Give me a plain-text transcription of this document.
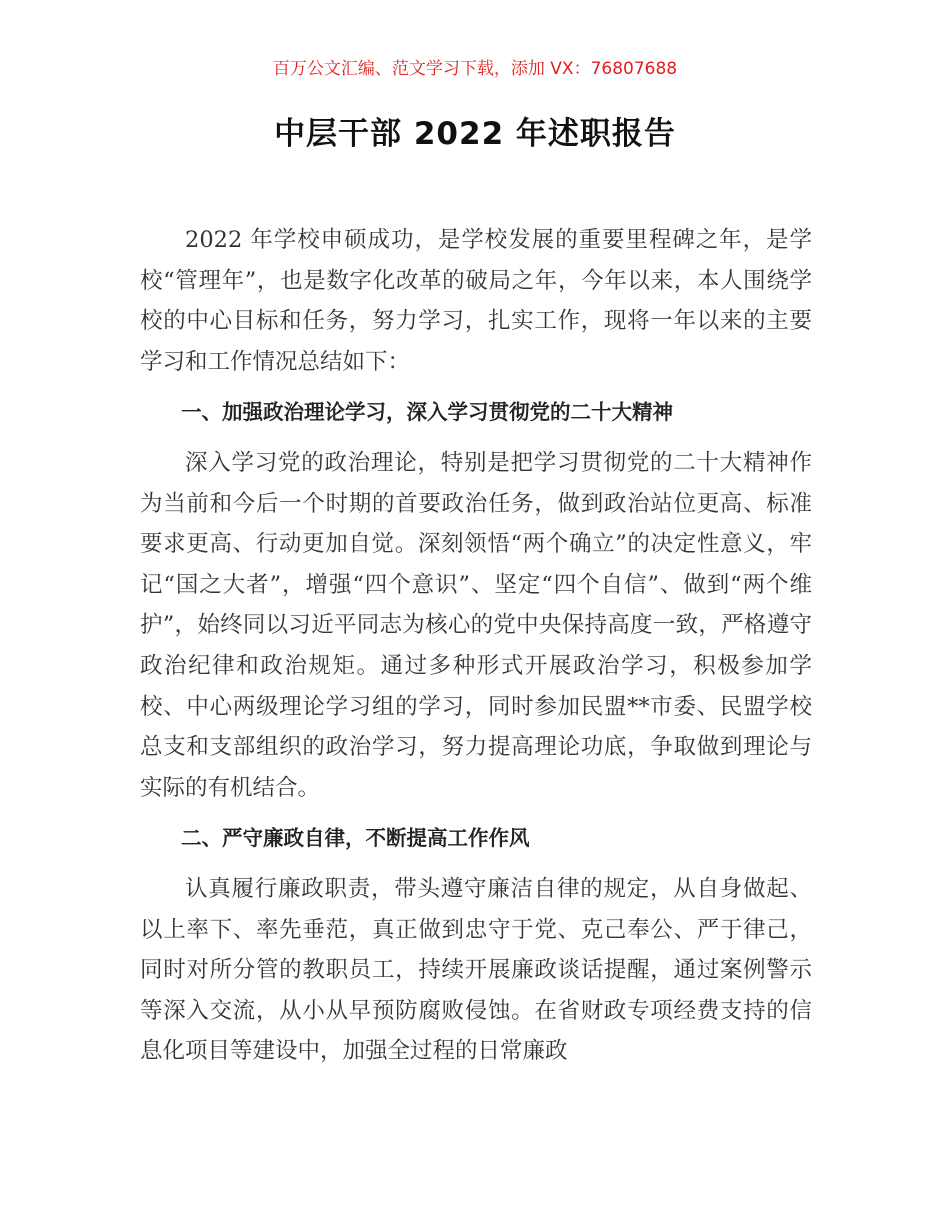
百万公文汇编、范文学习下载，添加 VX：76807688
中层干部 2022 年述职报告

2022 年学校申硕成功，是学校发展的重要里程碑之年，是学校“管理年”，也是数字化改革的破局之年，今年以来，本人围绕学校的中心目标和任务，努力学习，扎实工作，现将一年以来的主要学习和工作情况总结如下：

一、加强政治理论学习，深入学习贯彻党的二十大精神

深入学习党的政治理论，特别是把学习贯彻党的二十大精神作为当前和今后一个时期的首要政治任务，做到政治站位更高、标准要求更高、行动更加自觉。深刻领悟“两个确立”的决定性意义，牢记“国之大者”，增强“四个意识”、坚定“四个自信”、做到“两个维护”，始终同以习近平同志为核心的党中央保持高度一致，严格遵守政治纪律和政治规矩。通过多种形式开展政治学习，积极参加学校、中心两级理论学习组的学习，同时参加民盟**市委、民盟学校总支和支部组织的政治学习，努力提高理论功底，争取做到理论与实际的有机结合。

二、严守廉政自律，不断提高工作作风

认真履行廉政职责，带头遵守廉洁自律的规定，从自身做起、以上率下、率先垂范，真正做到忠守于党、克己奉公、严于律己，同时对所分管的教职员工，持续开展廉政谈话提醒，通过案例警示等深入交流，从小从早预防腐败侵蚀。在省财政专项经费支持的信息化项目等建设中，加强全过程的日常廉政
